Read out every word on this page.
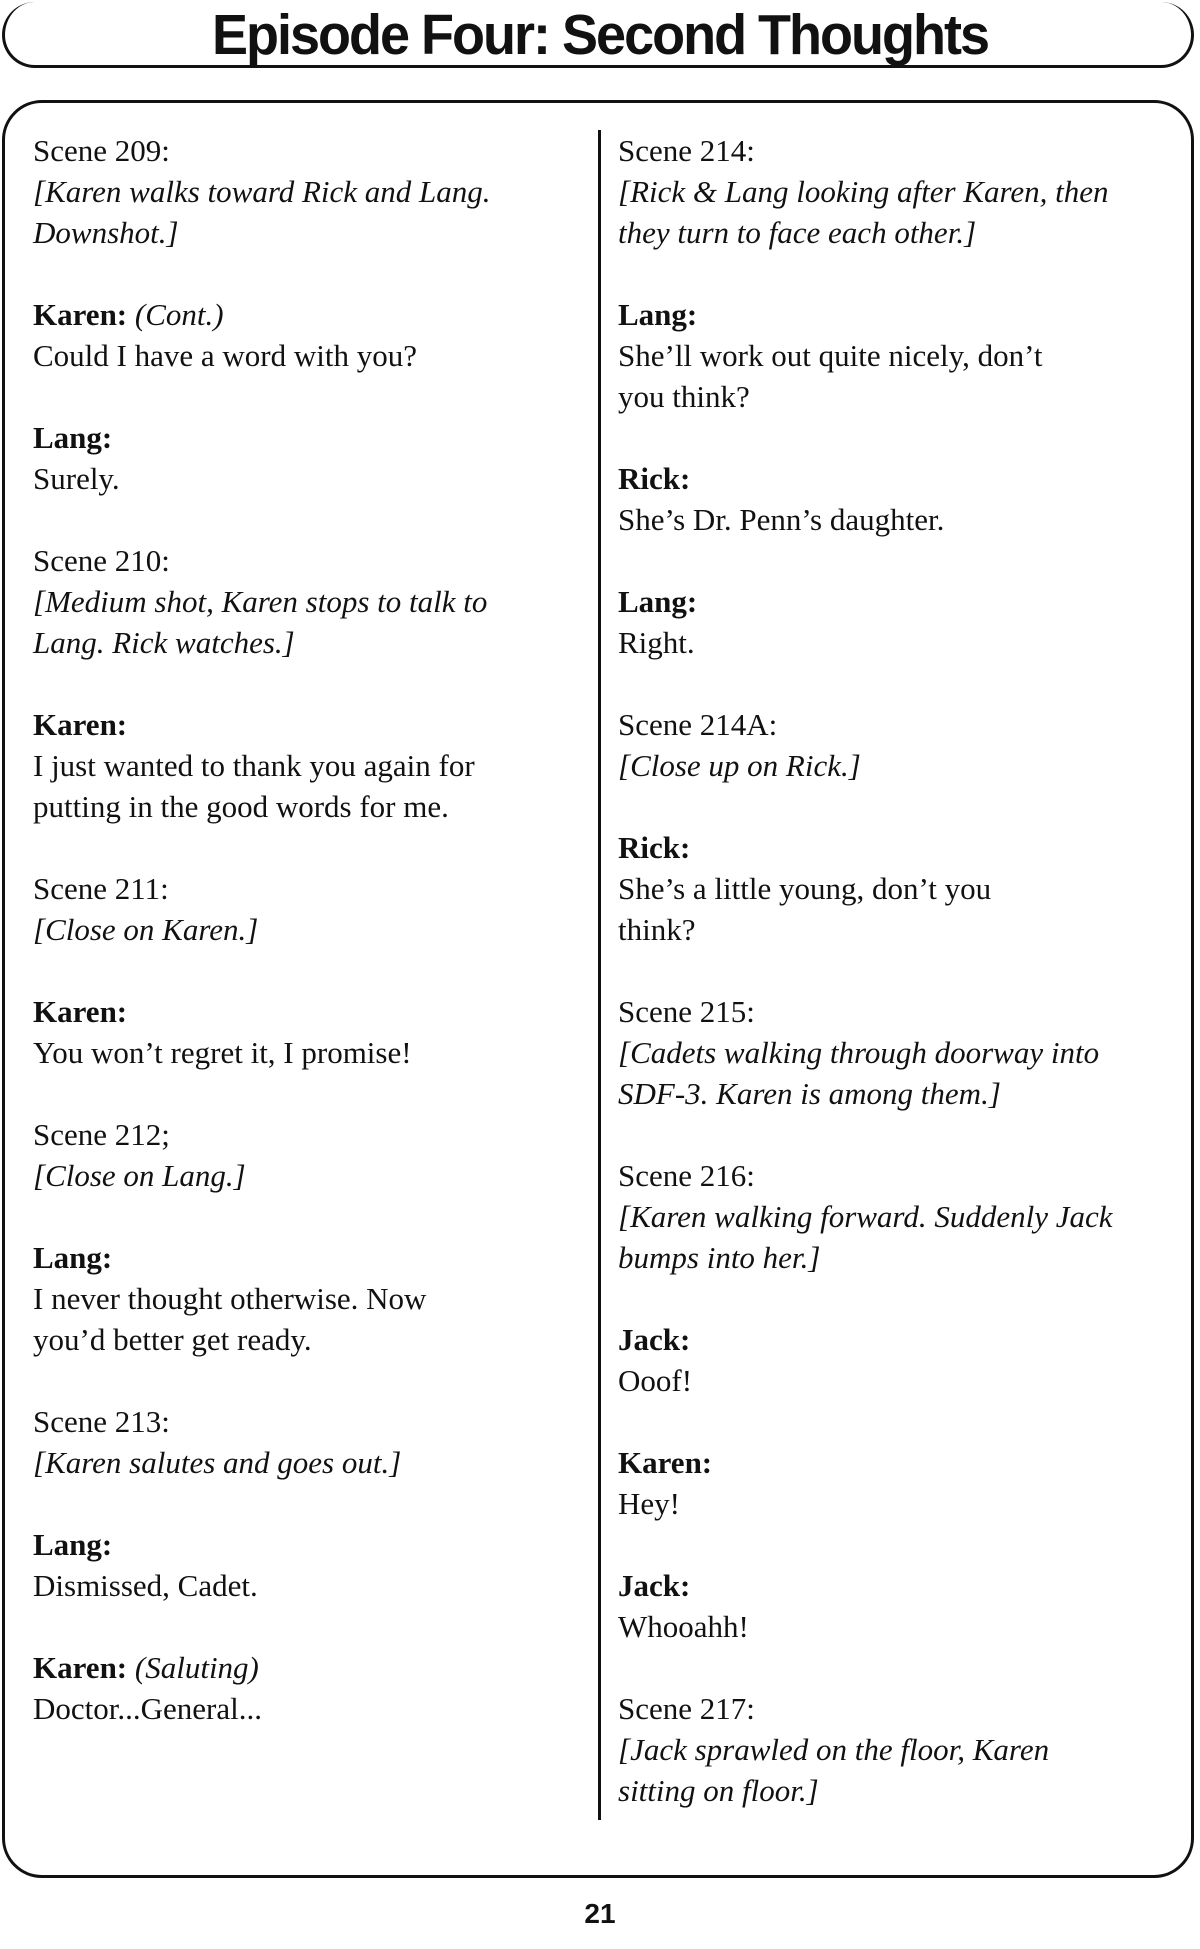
Episode Four: Second Thoughts

Scene 209:

[Karen walks toward Rick and Lang.

Downshot.]

Karen: (Cont.)

Could I have a word with you?

Lang:

Surely.

Scene 210:

[Medium shot, Karen stops to talk to

Lang. Rick watches.]

Karen:

I just wanted to thank you again for

putting in the good words for me.

Scene 211:

[Close on Karen.]

Karen:

You won’t regret it, I promise!

Scene 212;

[Close on Lang.]

Lang:

I never thought otherwise. Now

you’d better get ready.

Scene 213:

[Karen salutes and goes out.]

Lang:

Dismissed, Cadet.

Karen: (Saluting)

Doctor...General...

Scene 214:

[Rick & Lang looking after Karen, then

they turn to face each other.]

Lang:

She’ll work out quite nicely, don’t

you think?

Rick:

She’s Dr. Penn’s daughter.

Lang:

Right.

Scene 214A:

[Close up on Rick.]

Rick:

She’s a little young, don’t you

think?

Scene 215:

[Cadets walking through doorway into

SDF-3. Karen is among them.]

Scene 216:

[Karen walking forward. Suddenly Jack

bumps into her.]

Jack:

Ooof!

Karen:

Hey!

Jack:

Whooahh!

Scene 217:

[Jack sprawled on the floor, Karen

sitting on floor.]

21
